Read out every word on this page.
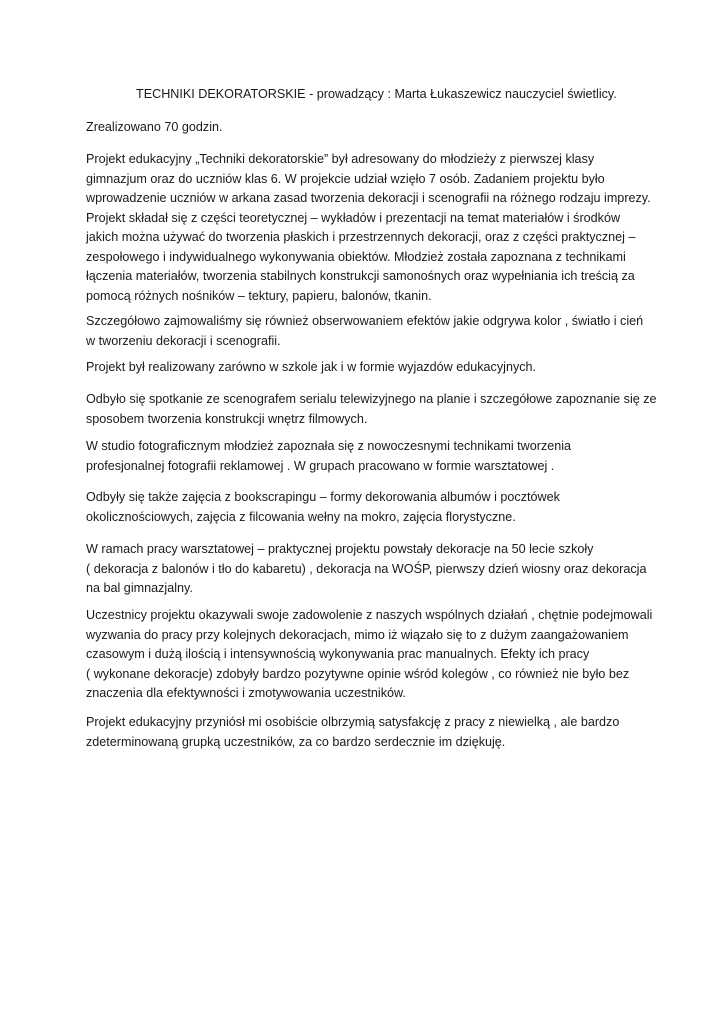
TECHNIKI DEKORATORSKIE - prowadzący : Marta Łukaszewicz nauczyciel świetlicy.
Zrealizowano 70 godzin.
Projekt edukacyjny „Techniki dekoratorskie” był adresowany do młodzieży z pierwszej klasy
gimnazjum oraz do uczniów klas 6. W projekcie udział wzięło 7 osób. Zadaniem projektu było
wprowadzenie uczniów w arkana zasad tworzenia dekoracji i scenografii na różnego rodzaju imprezy.
Projekt składał się z części teoretycznej – wykładów i prezentacji na temat materiałów i środków
jakich można używać do tworzenia płaskich i przestrzennych dekoracji, oraz z części praktycznej –
zespołowego i indywidualnego wykonywania obiektów. Młodzież została zapoznana z technikami
łączenia materiałów, tworzenia stabilnych konstrukcji samonośnych oraz wypełniania ich treścią za
pomocą różnych nośników – tektury, papieru, balonów, tkanin.
Szczegółowo zajmowaliśmy się również obserwowaniem efektów jakie odgrywa kolor , światło i cień
w tworzeniu dekoracji i scenografii.
Projekt był realizowany zarówno w szkole jak i w formie wyjazdów edukacyjnych.
Odbyło się spotkanie ze scenografem serialu telewizyjnego na planie i szczegółowe zapoznanie się ze
sposobem tworzenia konstrukcji wnętrz filmowych.
W studio fotograficznym młodzież zapoznała się z nowoczesnymi technikami tworzenia
profesjonalnej fotografii reklamowej . W grupach pracowano w formie warsztatowej .
Odbyły się także zajęcia z bookscrapingu – formy dekorowania albumów i pocztówek
okolicznościowych, zajęcia z filcowania wełny na mokro, zajęcia florystyczne.
W ramach pracy warsztatowej – praktycznej projektu powstały dekoracje na 50 lecie szkoły
( dekoracja z balonów i tło do kabaretu) , dekoracja na WOŚP, pierwszy dzień wiosny oraz dekoracja
na bal gimnazjalny.
Uczestnicy projektu okazywali swoje zadowolenie z naszych wspólnych działań , chętnie podejmowali
wyzwania do pracy przy kolejnych dekoracjach, mimo iż wiązało się to z dużym zaangażowaniem
czasowym i dużą ilością i intensywnością wykonywania prac manualnych. Efekty ich pracy
( wykonane dekoracje) zdobyły bardzo pozytywne opinie wśród kolegów , co również nie było bez
znaczenia dla efektywności i zmotywowania uczestników.
Projekt edukacyjny przyniósł mi osobiście olbrzymią satysfakcję z pracy z niewielką , ale bardzo
zdeterminowaną grupką uczestników, za co bardzo serdecznie im dziękuję.
